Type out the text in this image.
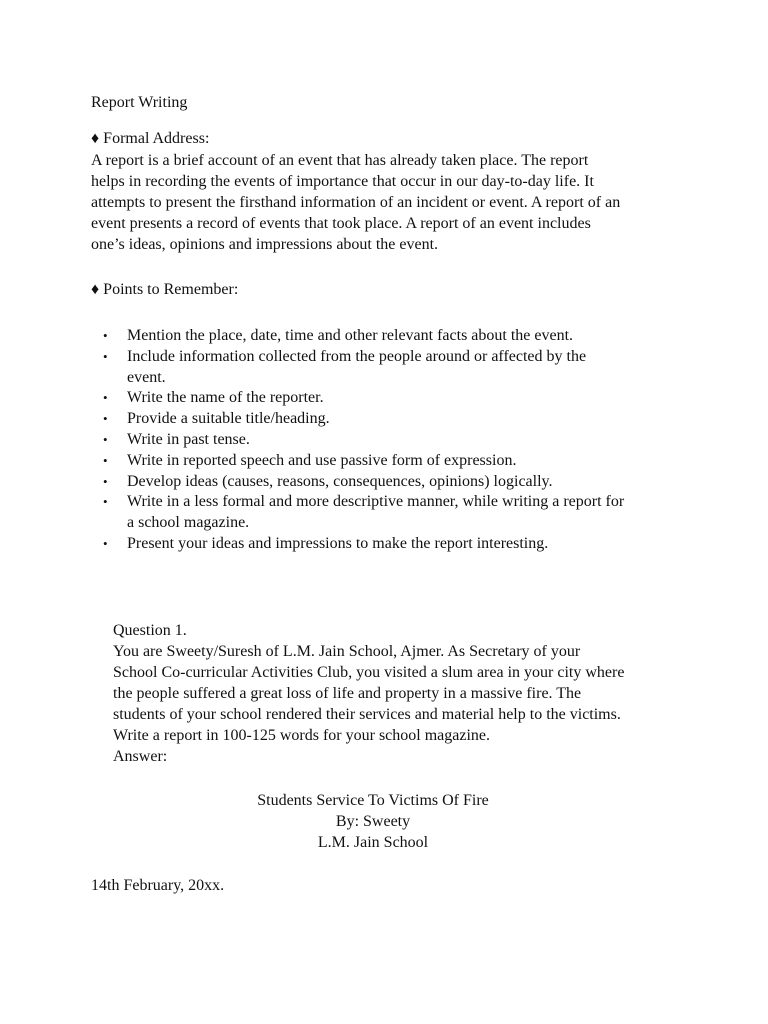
Report Writing
♦ Formal Address:
A report is a brief account of an event that has already taken place. The report
helps in recording the events of importance that occur in our day-to-day life. It
attempts to present the firsthand information of an incident or event. A report of an
event presents a record of events that took place. A report of an event includes
one’s ideas, opinions and impressions about the event.
♦ Points to Remember:
• Mention the place, date, time and other relevant facts about the event.
• Include information collected from the people around or affected by the
event.
• Write the name of the reporter.
• Provide a suitable title/heading.
• Write in past tense.
• Write in reported speech and use passive form of expression.
• Develop ideas (causes, reasons, consequences, opinions) logically.
• Write in a less formal and more descriptive manner, while writing a report for
a school magazine.
• Present your ideas and impressions to make the report interesting.
Question 1.
You are Sweety/Suresh of L.M. Jain School, Ajmer. As Secretary of your
School Co-curricular Activities Club, you visited a slum area in your city where
the people suffered a great loss of life and property in a massive fire. The
students of your school rendered their services and material help to the victims.
Write a report in 100-125 words for your school magazine.
Answer:
Students Service To Victims Of Fire
By: Sweety
L.M. Jain School
14th February, 20xx.
